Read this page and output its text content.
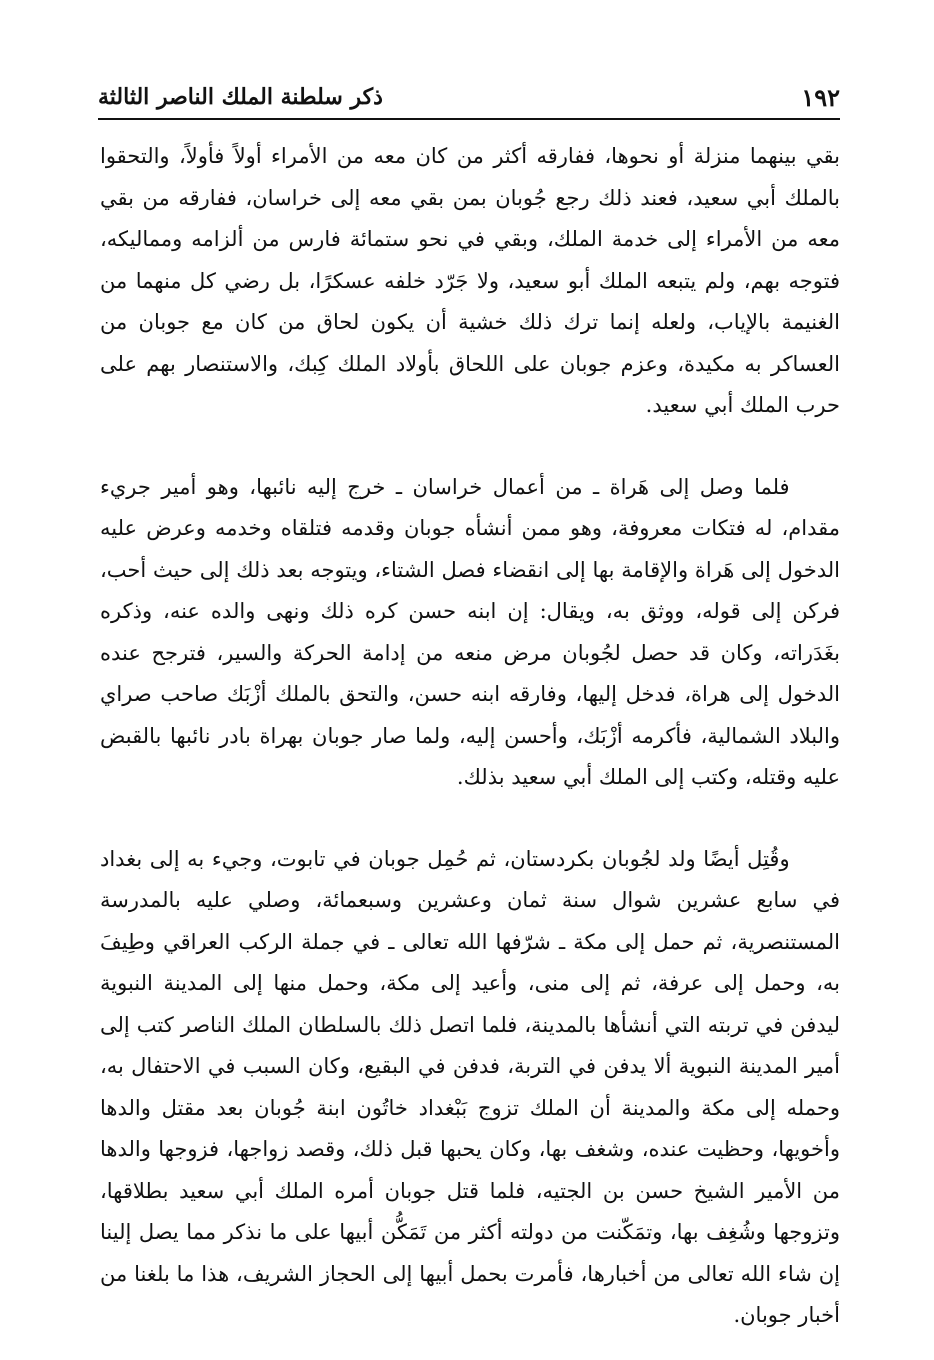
ذكر سلطنة الملك الناصر الثالثة	١٩٢

بقي بينهما منزلة أو نحوها، ففارقه أكثر من كان معه من الأمراء أولاً فأولاً، والتحقوا بالملك أبي سعيد، فعند ذلك رجع جُوبان بمن بقي معه إلى خراسان، ففارقه من بقي معه من الأمراء إلى خدمة الملك، وبقي في نحو ستمائة فارس من ألزامه ومماليكه، فتوجه بهم، ولم يتبعه الملك أبو سعيد، ولا جَرّد خلفه عسكرًا، بل رضي كل منهما من الغنيمة بالإياب، ولعله إنما ترك ذلك خشية أن يكون لحاق من كان مع جوبان من العساكر به مكيدة، وعزم جوبان على اللحاق بأولاد الملك كِبك، والاستنصار بهم على حرب الملك أبي سعيد.

فلما وصل إلى هَراة ـ من أعمال خراسان ـ خرج إليه نائبها، وهو أمير جريء مقدام، له فتكات معروفة، وهو ممن أنشأه جوبان وقدمه فتلقاه وخدمه وعرض عليه الدخول إلى هَراة والإقامة بها إلى انقضاء فصل الشتاء، ويتوجه بعد ذلك إلى حيث أحب، فركن إلى قوله، ووثق به، ويقال: إن ابنه حسن كره ذلك ونهى والده عنه، وذكره بغَدَراته، وكان قد حصل لجُوبان مرض منعه من إدامة الحركة والسير، فترجح عنده الدخول إلى هراة، فدخل إليها، وفارقه ابنه حسن، والتحق بالملك أزْبَك صاحب صراي والبلاد الشمالية، فأكرمه أزْبَك، وأحسن إليه، ولما صار جوبان بهراة بادر نائبها بالقبض عليه وقتله، وكتب إلى الملك أبي سعيد بذلك.

وقُتِل أيضًا ولد لجُوبان بكردستان، ثم حُمِل جوبان في تابوت، وجيء به إلى بغداد في سابع عشرين شوال سنة ثمان وعشرين وسبعمائة، وصلي عليه بالمدرسة المستنصرية، ثم حمل إلى مكة ـ شرّفها الله تعالى ـ في جملة الركب العراقي وطِيفَ به، وحمل إلى عرفة، ثم إلى منى، وأعيد إلى مكة، وحمل منها إلى المدينة النبوية ليدفن في تربته التي أنشأها بالمدينة، فلما اتصل ذلك بالسلطان الملك الناصر كتب إلى أمير المدينة النبوية ألا يدفن في التربة، فدفن في البقيع، وكان السبب في الاحتفال به، وحمله إلى مكة والمدينة أن الملك تزوج بَبْغداد خاتُون ابنة جُوبان بعد مقتل والدها وأخويها، وحظيت عنده، وشغف بها، وكان يحبها قبل ذلك، وقصد زواجها، فزوجها والدها من الأمير الشيخ حسن بن الجتيه، فلما قتل جوبان أمره الملك أبي سعيد بطلاقها، وتزوجها وشُغِف بها، وتمَكّنت من دولته أكثر من تَمَكُّن أبيها على ما نذكر مما يصل إلينا إن شاء الله تعالى من أخبارها، فأمرت بحمل أبيها إلى الحجاز الشريف، هذا ما بلغنا من أخبار جوبان.
